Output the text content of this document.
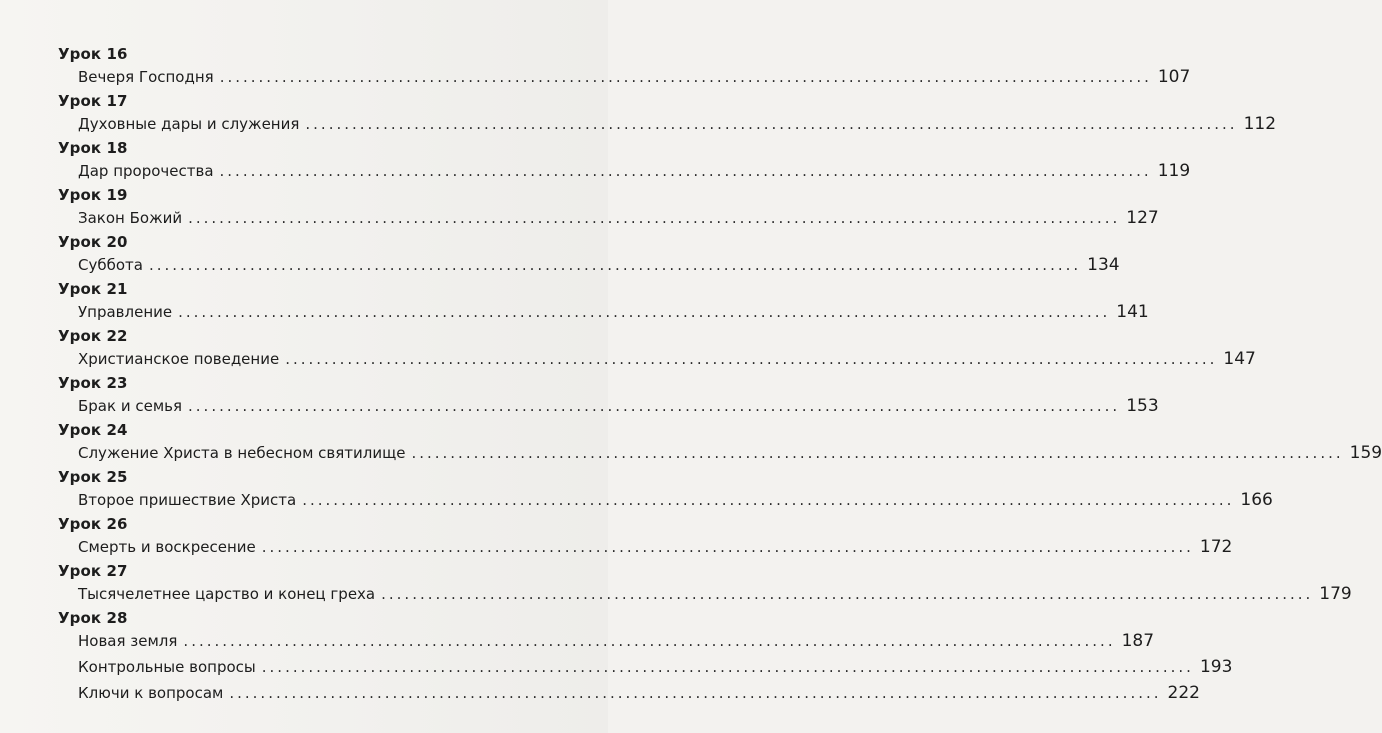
Урок 16
Вечеря Господня ........................................................................................................................ 107
Урок 17
Духовные дары и служения ........................................................................................................................ 112
Урок 18
Дар пророчества ........................................................................................................................ 119
Урок 19
Закон Божий ........................................................................................................................ 127
Урок 20
Суббота ........................................................................................................................ 134
Урок 21
Управление ........................................................................................................................ 141
Урок 22
Христианское поведение ........................................................................................................................ 147
Урок 23
Брак и семья ........................................................................................................................ 153
Урок 24
Служение Христа в небесном святилище ........................................................................................................................ 159
Урок 25
Второе пришествие Христа ........................................................................................................................ 166
Урок 26
Смерть и воскресение ........................................................................................................................ 172
Урок 27
Тысячелетнее царство и конец греха ........................................................................................................................ 179
Урок 28
Новая земля ........................................................................................................................ 187
Контрольные вопросы ........................................................................................................................ 193
Ключи к вопросам ........................................................................................................................ 222
